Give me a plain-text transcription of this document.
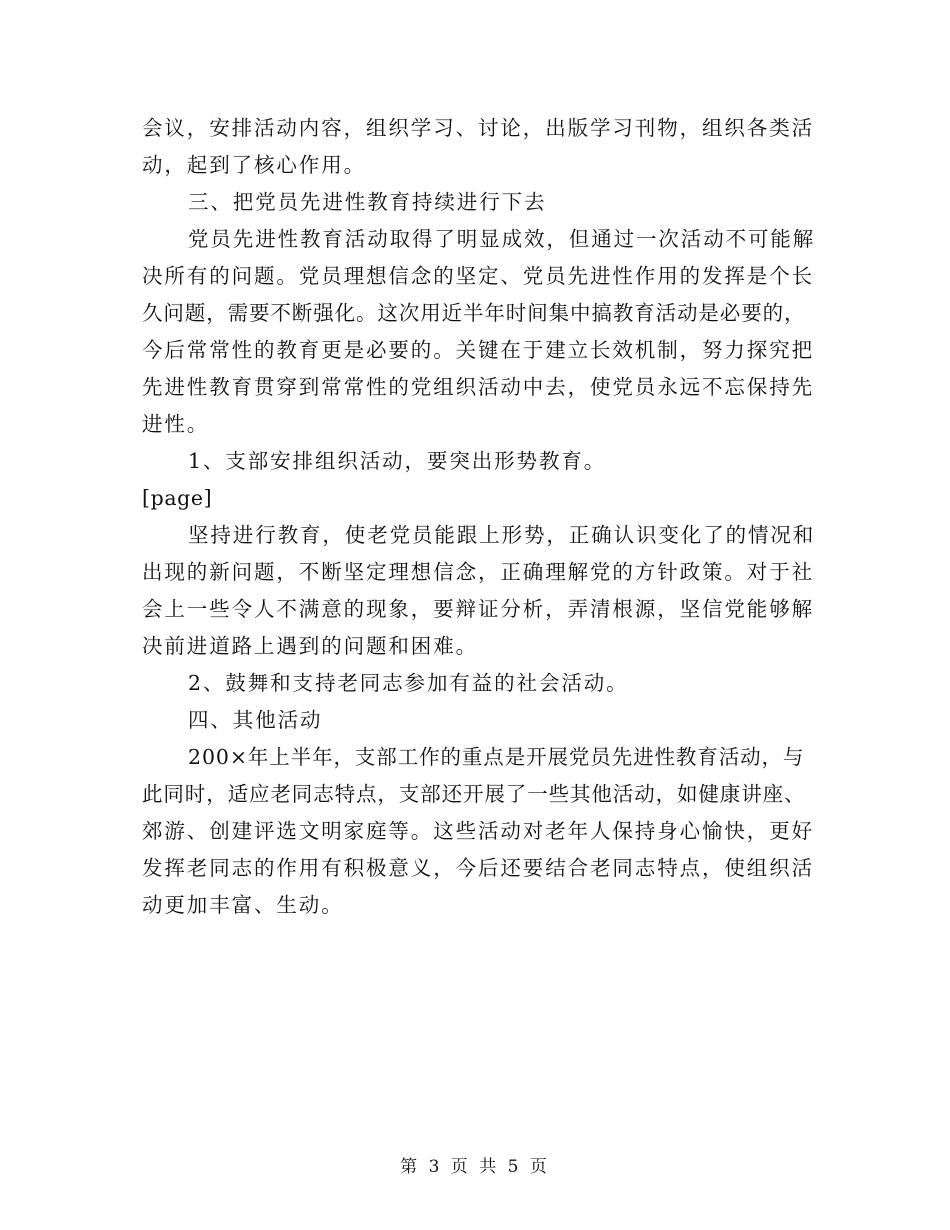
会议，安排活动内容，组织学习、讨论，出版学习刊物，组织各类活
动，起到了核心作用。
三、把党员先进性教育持续进行下去
党员先进性教育活动取得了明显成效，但通过一次活动不可能解
决所有的问题。党员理想信念的坚定、党员先进性作用的发挥是个长
久问题，需要不断强化。这次用近半年时间集中搞教育活动是必要的，
今后常常性的教育更是必要的。关键在于建立长效机制，努力探究把
先进性教育贯穿到常常性的党组织活动中去，使党员永远不忘保持先
进性。
1、支部安排组织活动，要突出形势教育。
[page]
坚持进行教育，使老党员能跟上形势，正确认识变化了的情况和
出现的新问题，不断坚定理想信念，正确理解党的方针政策。对于社
会上一些令人不满意的现象，要辩证分析，弄清根源，坚信党能够解
决前进道路上遇到的问题和困难。
2、鼓舞和支持老同志参加有益的社会活动。
四、其他活动
200×年上半年，支部工作的重点是开展党员先进性教育活动，与
此同时，适应老同志特点，支部还开展了一些其他活动，如健康讲座、
郊游、创建评选文明家庭等。这些活动对老年人保持身心愉快，更好
发挥老同志的作用有积极意义，今后还要结合老同志特点，使组织活
动更加丰富、生动。
第 3 页 共 5 页
